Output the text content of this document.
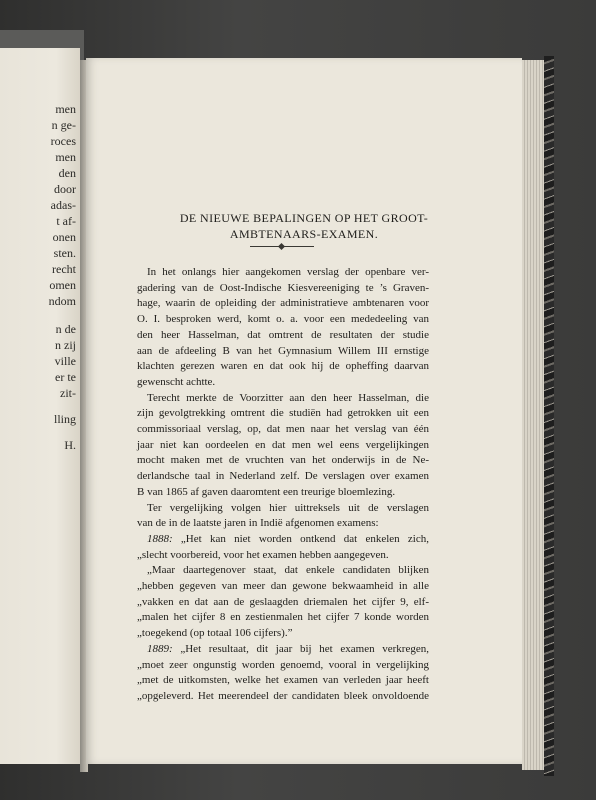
men
n ge-
roces
men
den
door
adas-
t af-
onen
sten.
recht
omen
ndom
n de
n zij
ville
er te
zit-
lling
H.
DE NIEUWE BEPALINGEN OP HET GROOT-
AMBTENAARS-EXAMEN.
In het onlangs hier aangekomen verslag der openbare ver-
gadering van de Oost-Indische Kiesvereeniging te ’s Graven-
hage, waarin de opleiding der administratieve ambtenaren voor
O. I. besproken werd, komt o. a. voor een mededeeling van
den heer Hasselman, dat omtrent de resultaten der studie
aan de afdeeling B van het Gymnasium Willem III ernstige
klachten gerezen waren en dat ook hij de opheffing daarvan
gewenscht achtte.
Terecht merkte de Voorzitter aan den heer Hasselman, die
zijn gevolgtrekking omtrent die studiën had getrokken uit een
commissoriaal verslag, op, dat men naar het verslag van één
jaar niet kan oordeelen en dat men wel eens vergelijkingen
mocht maken met de vruchten van het onderwijs in de Ne-
derlandsche taal in Nederland zelf. De verslagen over examen
B van 1865 af gaven daaromtent een treurige bloemlezing.
Ter vergelijking volgen hier uittreksels uit de verslagen
van de in de laatste jaren in Indië afgenomen examens:
1888: „Het kan niet worden ontkend dat enkelen zich,
„slecht voorbereid, voor het examen hebben aangegeven.
„Maar daartegenover staat, dat enkele candidaten blijken
„hebben gegeven van meer dan gewone bekwaamheid in alle
„vakken en dat aan de geslaagden driemalen het cijfer 9, elf-
„malen het cijfer 8 en zestienmalen het cijfer 7 konde worden
„toegekend (op totaal 106 cijfers).”
1889: „Het resultaat, dit jaar bij het examen verkregen,
„moet zeer ongunstig worden genoemd, vooral in vergelijking
„met de uitkomsten, welke het examen van verleden jaar heeft
„opgeleverd. Het meerendeel der candidaten bleek onvoldoende
